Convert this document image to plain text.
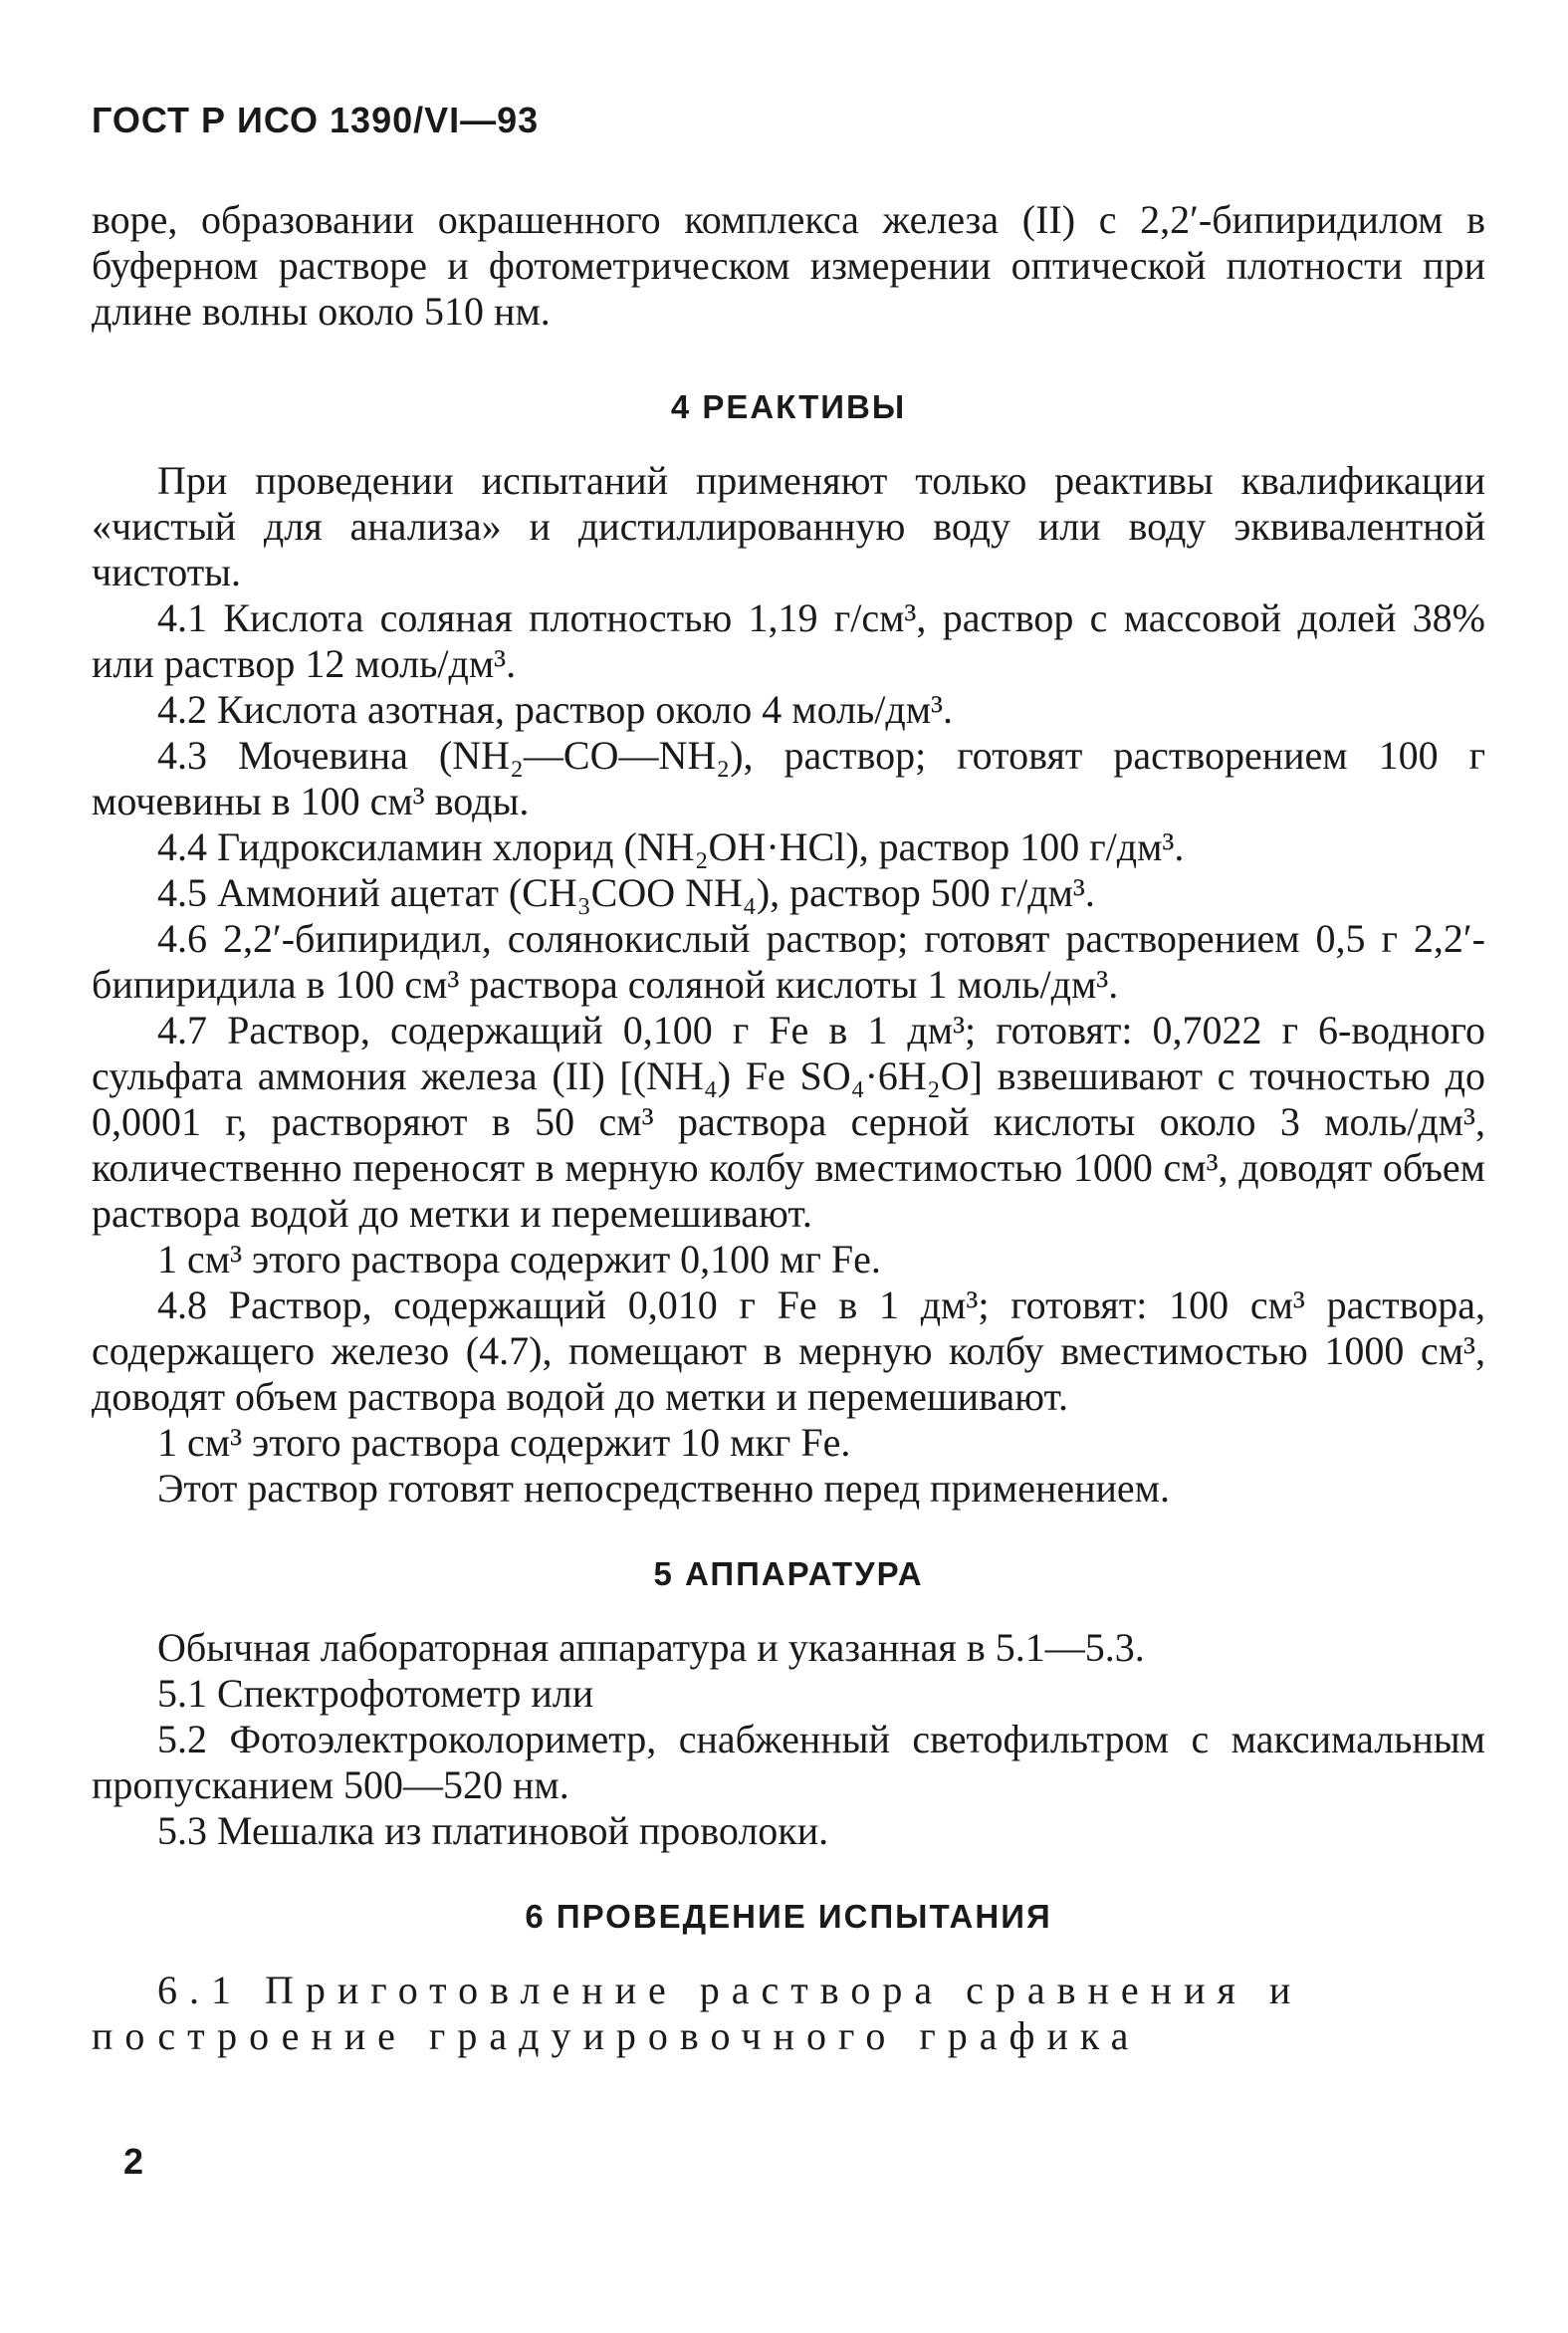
ГОСТ Р ИСО 1390/VI—93

воре, образовании окрашенного комплекса железа (II) с 2,2′-бипиридилом в буферном растворе и фотометрическом измерении оптической плотности при длине волны около 510 нм.

4 РЕАКТИВЫ

При проведении испытаний применяют только реактивы квалификации «чистый для анализа» и дистиллированную воду или воду эквивалентной чистоты.

4.1 Кислота соляная плотностью 1,19 г/см³, раствор с массовой долей 38% или раствор 12 моль/дм³.

4.2 Кислота азотная, раствор около 4 моль/дм³.

4.3 Мочевина (NH₂—CO—NH₂), раствор; готовят растворением 100 г мочевины в 100 см³ воды.

4.4 Гидроксиламин хлорид (NH₂OH·HCl), раствор 100 г/дм³.

4.5 Аммоний ацетат (CH₃COO NH₄), раствор 500 г/дм³.

4.6 2,2′-бипиридил, солянокислый раствор; готовят растворением 0,5 г 2,2′-бипиридила в 100 см³ раствора соляной кислоты 1 моль/дм³.

4.7 Раствор, содержащий 0,100 г Fe в 1 дм³; готовят: 0,7022 г 6-водного сульфата аммония железа (II) [(NH₄) Fe SO₄·6H₂O] взвешивают с точностью до 0,0001 г, растворяют в 50 см³ раствора серной кислоты около 3 моль/дм³, количественно переносят в мерную колбу вместимостью 1000 см³, доводят объем раствора водой до метки и перемешивают.

1 см³ этого раствора содержит 0,100 мг Fe.

4.8 Раствор, содержащий 0,010 г Fe в 1 дм³; готовят: 100 см³ раствора, содержащего железо (4.7), помещают в мерную колбу вместимостью 1000 см³, доводят объем раствора водой до метки и перемешивают.

1 см³ этого раствора содержит 10 мкг Fe.

Этот раствор готовят непосредственно перед применением.

5 АППАРАТУРА

Обычная лабораторная аппаратура и указанная в 5.1—5.3.

5.1 Спектрофотометр или

5.2 Фотоэлектроколориметр, снабженный светофильтром с максимальным пропусканием 500—520 нм.

5.3 Мешалка из платиновой проволоки.

6 ПРОВЕДЕНИЕ ИСПЫТАНИЯ

6.1 Приготовление раствора сравнения и построение градуировочного графика

2
